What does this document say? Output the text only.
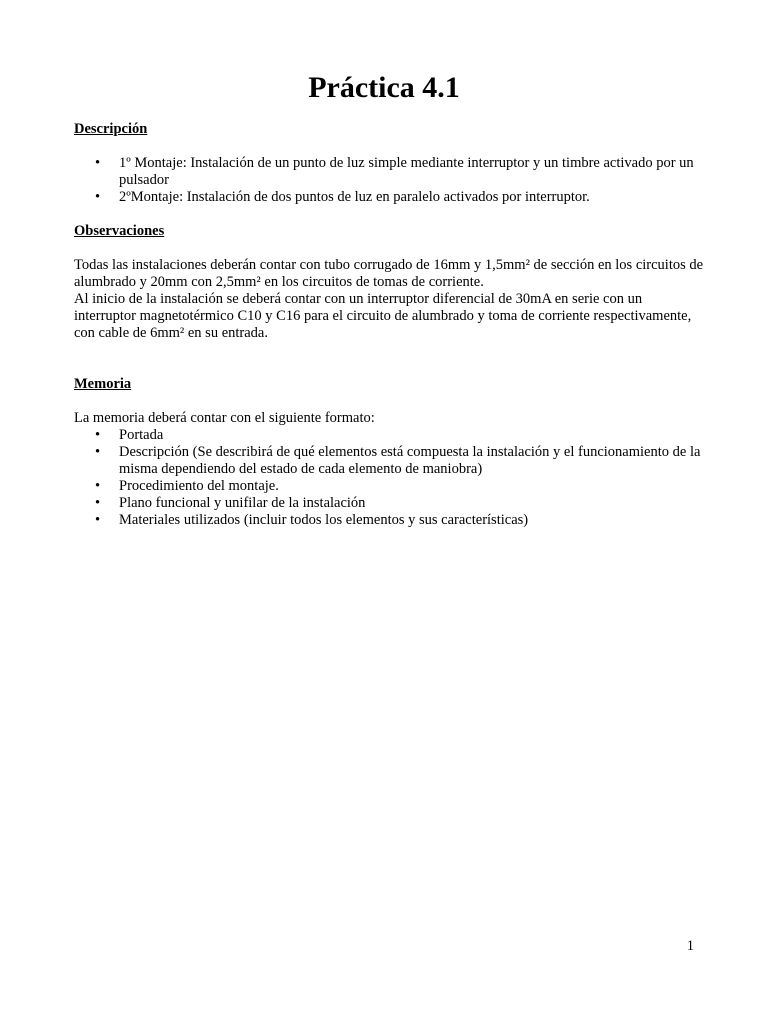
Práctica 4.1
Descripción
• 1º Montaje: Instalación de un punto de luz simple mediante interruptor y un timbre activado por un pulsador
• 2ºMontaje: Instalación de dos puntos de luz en paralelo activados por interruptor.
Observaciones

Todas las instalaciones deberán contar con tubo corrugado de 16mm y 1,5mm² de sección en los circuitos de alumbrado y 20mm con 2,5mm² en los circuitos de tomas de corriente.

Al inicio de la instalación se deberá contar con un interruptor diferencial de 30mA en serie con un interruptor magnetotérmico C10 y C16 para el circuito de alumbrado y toma de corriente respectivamente, con cable de 6mm² en su entrada.

Memoria

La memoria deberá contar con el siguiente formato:

• Portada
• Descripción (Se describirá de qué elementos está compuesta la instalación y el funcionamiento de la misma dependiendo del estado de cada elemento de maniobra)
• Procedimiento del montaje.
• Plano funcional y unifilar de la instalación
• Materiales utilizados (incluir todos los elementos y sus características)
1
